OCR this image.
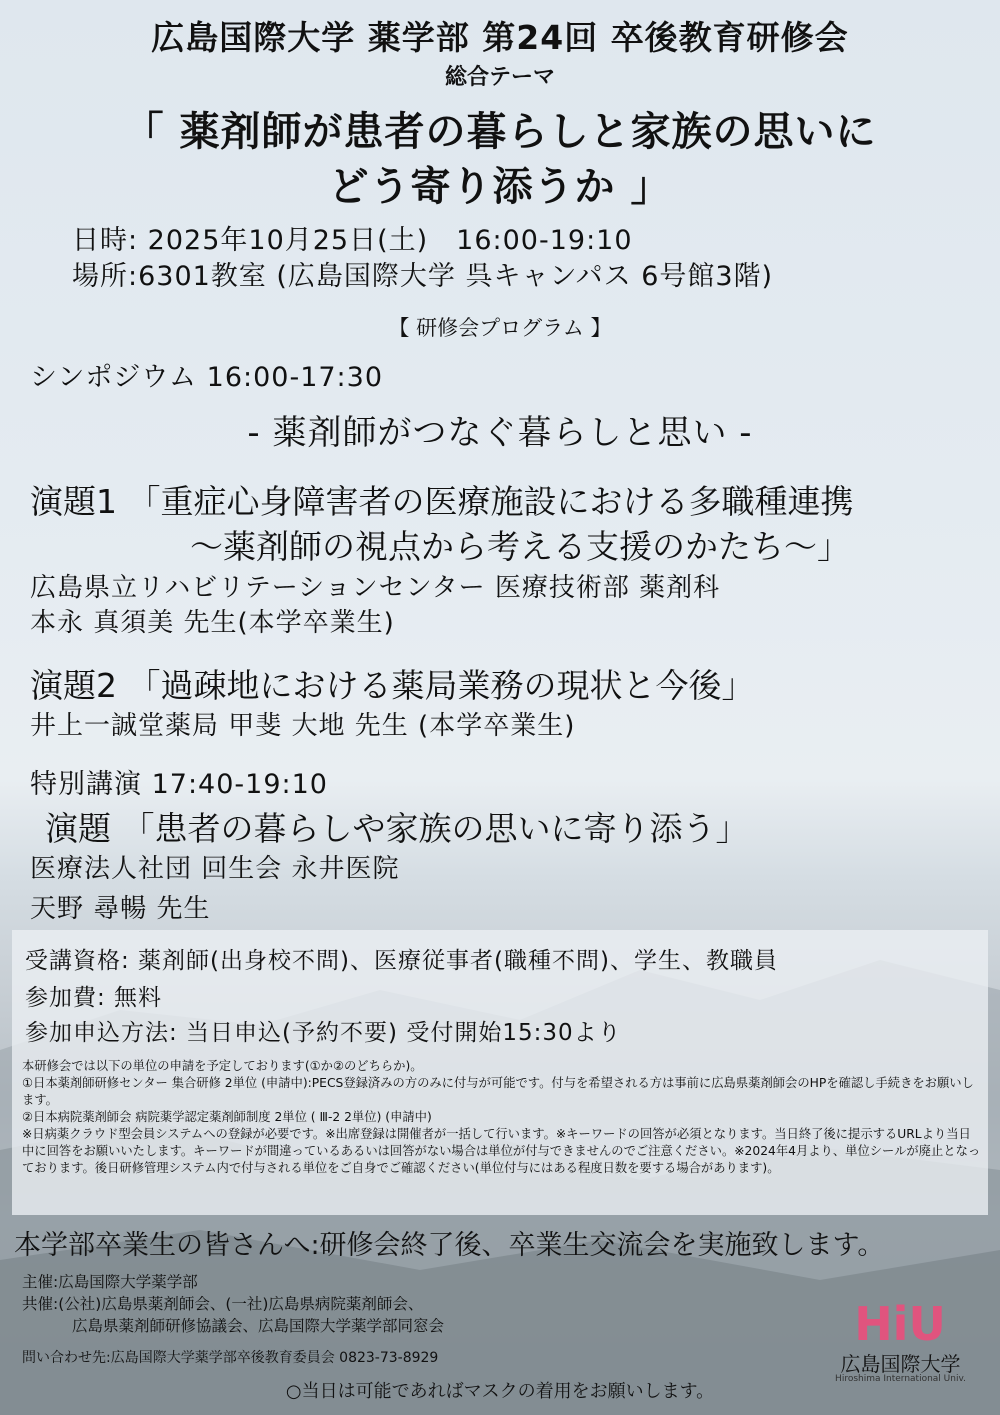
広島国際大学 薬学部 第24回 卒後教育研修会
総合テーマ
「 薬剤師が患者の暮らしと家族の思いに
どう寄り添うか 」
日時: 2025年10月25日(土)　16:00-19:10
場所:6301教室 (広島国際大学 呉キャンパス 6号館3階)
【 研修会プログラム 】
シンポジウム 16:00-17:30
- 薬剤師がつなぐ暮らしと思い -
演題1 「重症心身障害者の医療施設における多職種連携
～薬剤師の視点から考える支援のかたち～」
広島県立リハビリテーションセンター 医療技術部 薬剤科
本永 真須美 先生(本学卒業生)
演題2 「過疎地における薬局業務の現状と今後」
井上一誠堂薬局 甲斐 大地 先生 (本学卒業生)
特別講演 17:40-19:10
演題 「患者の暮らしや家族の思いに寄り添う」
医療法人社団 回生会 永井医院
天野 尋暢 先生
受講資格: 薬剤師(出身校不問)、医療従事者(職種不問)、学生、教職員
参加費: 無料
参加申込方法: 当日申込(予約不要) 受付開始15:30より
本研修会では以下の単位の申請を予定しております(①か②のどちらか)。
①日本薬剤師研修センター 集合研修 2単位 (申請中):PECS登録済みの方のみに付与が可能です。付与を希望される方は事前に広島県薬剤師会のHPを確認し手続きをお願いします。
②日本病院薬剤師会 病院薬学認定薬剤師制度 2単位 ( Ⅲ-2 2単位) (申請中)
※日病薬クラウド型会員システムへの登録が必要です。※出席登録は開催者が一括して行います。※キーワードの回答が必須となります。当日終了後に提示するURLより当日中に回答をお願いいたします。キーワードが間違っているあるいは回答がない場合は単位が付与できませんのでご注意ください。※2024年4月より、単位シールが廃止となっております。後日研修管理システム内で付与される単位をご自身でご確認ください(単位付与にはある程度日数を要する場合があります)。
本学部卒業生の皆さんへ:研修会終了後、卒業生交流会を実施致します。
主催:広島国際大学薬学部
共催:(公社)広島県薬剤師会、(一社)広島県病院薬剤師会、
広島県薬剤師研修協議会、広島国際大学薬学部同窓会
問い合わせ先:広島国際大学薬学部卒後教育委員会 0823-73-8929
HiU
広島国際大学
Hiroshima International Univ.
○当日は可能であればマスクの着用をお願いします。
